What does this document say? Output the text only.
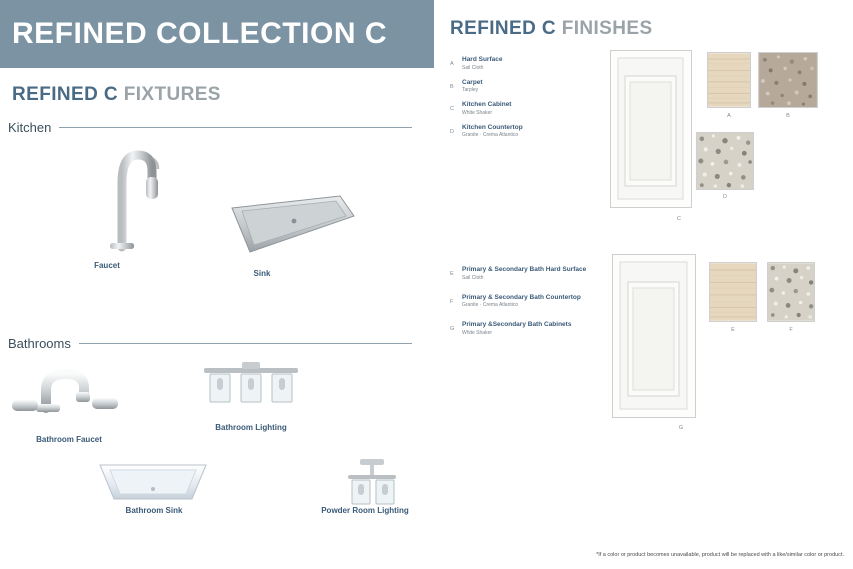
REFINED COLLECTION C
REFINED C FIXTURES
Kitchen
Faucet
Sink
Bathrooms
Bathroom Faucet
Bathroom Lighting
Bathroom Sink	Powder Room Lighting
REFINED C FINISHES
A
Hard Surface
Sail Cloth
B
Carpet
Tarpley
C
Kitchen Cabinet
White Shaker
D
Kitchen Countertop
Granite · Crema Atlantico
C
A	B
D
E
Primary & Secondary Bath Hard Surface
Sail Cloth
F
Primary & Secondary Bath Countertop
Granite · Crema Atlantico
G
Primary &Secondary Bath Cabinets
White Shaker
G
E	F
*If a color or product becomes unavailable, product will be replaced with a like/similar color or product.
